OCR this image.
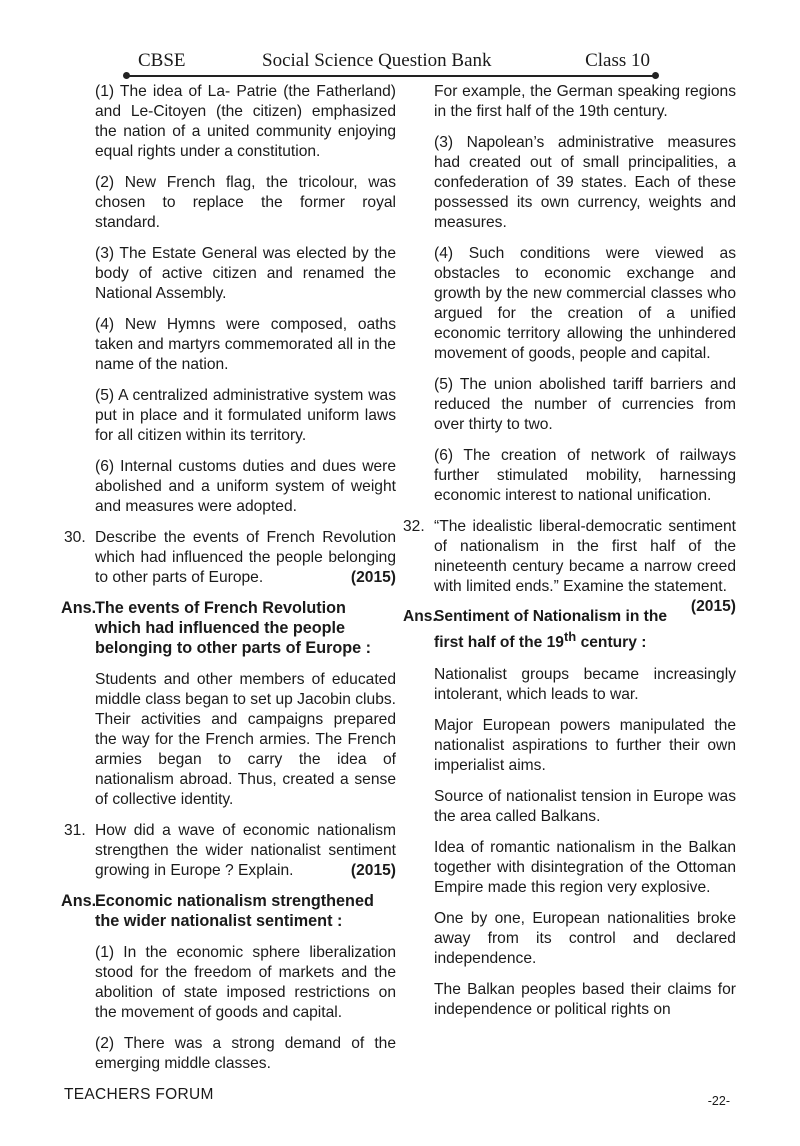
CBSE	Social Science Question Bank	Class 10

(1) The idea of La- Patrie (the Fatherland) and Le-Citoyen (the citizen) emphasized the nation of a united community enjoying equal rights under a constitution.

(2) New French flag, the tricolour, was chosen to replace the former royal standard.

(3) The Estate General was elected by the body of active citizen and renamed the National Assembly.

(4) New Hymns were composed, oaths taken and martyrs commemorated all in the name of the nation.

(5) A centralized administrative system was put in place and it formulated uniform laws for all citizen within its territory.

(6) Internal customs duties and dues were abolished and a uniform system of weight and measures were adopted.

30. Describe the events of French Revolution which had influenced the people belonging to other parts of Europe.	(2015)
Ans.
The events of French Revolution which had influenced the people belonging to other parts of Europe :

Students and other members of educated middle class began to set up Jacobin clubs. Their activities and campaigns prepared the way for the French armies. The French armies began to carry the idea of nationalism abroad. Thus, created a sense of collective identity.

31. How did a wave of economic nationalism strengthen the wider nationalist sentiment growing in Europe ? Explain.	(2015)
Ans.
Economic nationalism strengthened the wider nationalist sentiment :

(1) In the economic sphere liberalization stood for the freedom of markets and the abolition of state imposed restrictions on the movement of goods and capital.

(2) There was a strong demand of the emerging middle classes.

For example, the German speaking regions in the first half of the 19th century.

(3) Napolean’s administrative measures had created out of small principalities, a confederation of 39 states. Each of these possessed its own currency, weights and measures.

(4) Such conditions were viewed as obstacles to economic exchange and growth by the new commercial classes who argued for the creation of a unified economic territory allowing the unhindered movement of goods, people and capital.

(5) The union abolished tariff barriers and reduced the number of currencies from over thirty to two.

(6) The creation of network of railways further stimulated mobility, harnessing economic interest to national unification.

32. “The idealistic liberal-democratic sentiment of nationalism in the first half of the nineteenth century became a narrow creed with limited ends.” Examine the statement.
(2015)
Ans.
Sentiment of Nationalism in the first half of the 19th century :

Nationalist groups became increasingly intolerant, which leads to war.

Major European powers manipulated the nationalist aspirations to further their own imperialist aims.

Source of nationalist tension in Europe was the area called Balkans.

Idea of romantic nationalism in the Balkan together with disintegration of the Ottoman Empire made this region very explosive.

One by one, European nationalities broke away from its control and declared independence.

The Balkan peoples based their claims for independence or political rights on

TEACHERS FORUM	-22-
